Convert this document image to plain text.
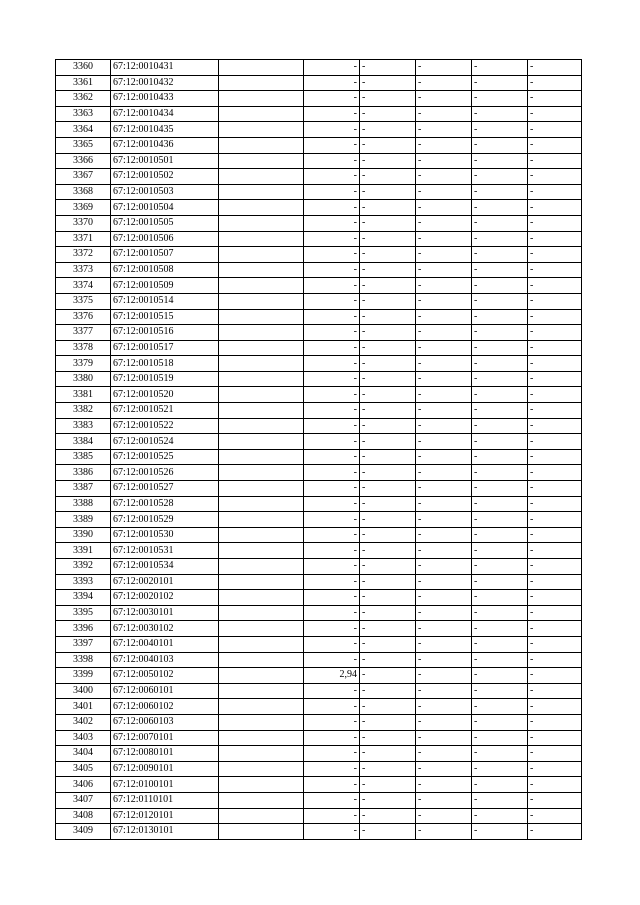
3360	67:12:0010431		-	-	-	-	-
3361	67:12:0010432		-	-	-	-	-
3362	67:12:0010433		-	-	-	-	-
3363	67:12:0010434		-	-	-	-	-
3364	67:12:0010435		-	-	-	-	-
3365	67:12:0010436		-	-	-	-	-
3366	67:12:0010501		-	-	-	-	-
3367	67:12:0010502		-	-	-	-	-
3368	67:12:0010503		-	-	-	-	-
3369	67:12:0010504		-	-	-	-	-
3370	67:12:0010505		-	-	-	-	-
3371	67:12:0010506		-	-	-	-	-
3372	67:12:0010507		-	-	-	-	-
3373	67:12:0010508		-	-	-	-	-
3374	67:12:0010509		-	-	-	-	-
3375	67:12:0010514		-	-	-	-	-
3376	67:12:0010515		-	-	-	-	-
3377	67:12:0010516		-	-	-	-	-
3378	67:12:0010517		-	-	-	-	-
3379	67:12:0010518		-	-	-	-	-
3380	67:12:0010519		-	-	-	-	-
3381	67:12:0010520		-	-	-	-	-
3382	67:12:0010521		-	-	-	-	-
3383	67:12:0010522		-	-	-	-	-
3384	67:12:0010524		-	-	-	-	-
3385	67:12:0010525		-	-	-	-	-
3386	67:12:0010526		-	-	-	-	-
3387	67:12:0010527		-	-	-	-	-
3388	67:12:0010528		-	-	-	-	-
3389	67:12:0010529		-	-	-	-	-
3390	67:12:0010530		-	-	-	-	-
3391	67:12:0010531		-	-	-	-	-
3392	67:12:0010534		-	-	-	-	-
3393	67:12:0020101		-	-	-	-	-
3394	67:12:0020102		-	-	-	-	-
3395	67:12:0030101		-	-	-	-	-
3396	67:12:0030102		-	-	-	-	-
3397	67:12:0040101		-	-	-	-	-
3398	67:12:0040103		-	-	-	-	-
3399	67:12:0050102		2,94	-	-	-	-
3400	67:12:0060101		-	-	-	-	-
3401	67:12:0060102		-	-	-	-	-
3402	67:12:0060103		-	-	-	-	-
3403	67:12:0070101		-	-	-	-	-
3404	67:12:0080101		-	-	-	-	-
3405	67:12:0090101		-	-	-	-	-
3406	67:12:0100101		-	-	-	-	-
3407	67:12:0110101		-	-	-	-	-
3408	67:12:0120101		-	-	-	-	-
3409	67:12:0130101		-	-	-	-	-
